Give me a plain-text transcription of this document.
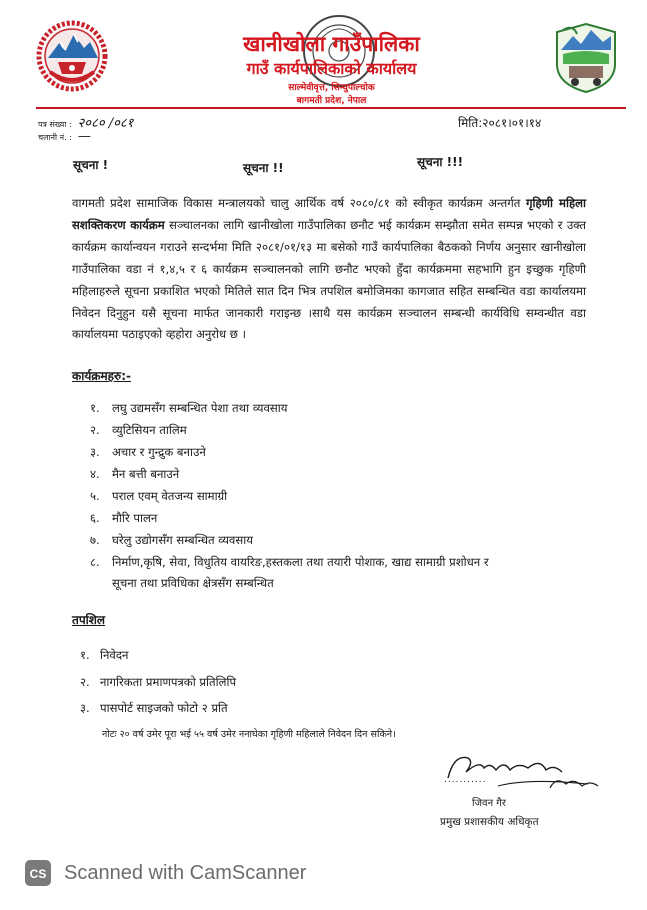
खानीखोला गाउँपालिका
गाउँ कार्यपालिकाको कार्यालय
साल्मेवीवृत्त, सिन्धुपाल्चोक
बागमती प्रदेश, नेपाल
पत्र संख्या : २०८० /०८१
चलानी नं. : —
मिति:२०८१।०१।१४
सूचना !	सूचना !!	सूचना !!!
वागमती प्रदेश सामाजिक विकास मन्त्रालयको चालु आर्थिक वर्ष २०८०/८१ को स्वीकृत कार्यक्रम अन्तर्गत गृहिणी महिला सशक्तिकरण कार्यक्रम सञ्चालनका लागि खानीखोला गाउँपालिका छनौट भई कार्यक्रम सम्झौता समेत सम्पन्न भएको र उक्त कार्यक्रम कार्यान्वयन गराउने सन्दर्भमा मिति २०८१/०१/१३ मा बसेको गाउँ कार्यपालिका बैठकको निर्णय अनुसार खानीखोला गाउँपालिका वडा नं १,४,५ र ६ कार्यक्रम सञ्चालनको लागि छनौट भएको हुँदा कार्यक्रममा सहभागि हुन इच्छुक गृहिणी महिलाहरुले सूचना प्रकाशित भएको मितिले सात दिन भित्र तपशिल बमोजिमका कागजात सहित सम्बन्धित वडा कार्यालयमा निवेदन दिनुहुन यसै सूचना मार्फत जानकारी गराइन्छ ।साथै यस कार्यक्रम सञ्चालन सम्बन्धी कार्यविधि सम्वन्धीत वडा कार्यालयमा पठाइएको व्हहोरा अनुरोध छ ।
कार्यक्रमहरु:-
१. लघु उद्यमसँग सम्बन्धित पेशा तथा व्यवसाय
२. व्युटिसियन तालिम
३. अचार र गुन्द्रुक बनाउने
४. मैन बत्ती बनाउने
५. पराल एवम् वेतजन्य सामाग्री
६. मौरि पालन
७. घरेलु उद्योगसँग सम्बन्धित व्यवसाय
८. निर्माण,कृषि, सेवा, विधुतिय वायरिङ,हस्तकला तथा तयारी पोशाक, खाद्य सामाग्री प्रशोधन र
सूचना तथा प्रविधिका क्षेत्रसँग सम्बन्धित
तपशिल
१. निवेदन
२. नागरिकता प्रमाणपत्रको प्रतिलिपि
३. पासपोर्ट साइजको फोटो २ प्रति
नोटः २० वर्ष उमेर पूरा भई ५५ वर्ष उमेर ननाघेका गृहिणी महिलाले निवेदन दिन सकिने।
...........
जिवन गैर
प्रमुख प्रशासकीय अधिकृत
CS Scanned with CamScanner
